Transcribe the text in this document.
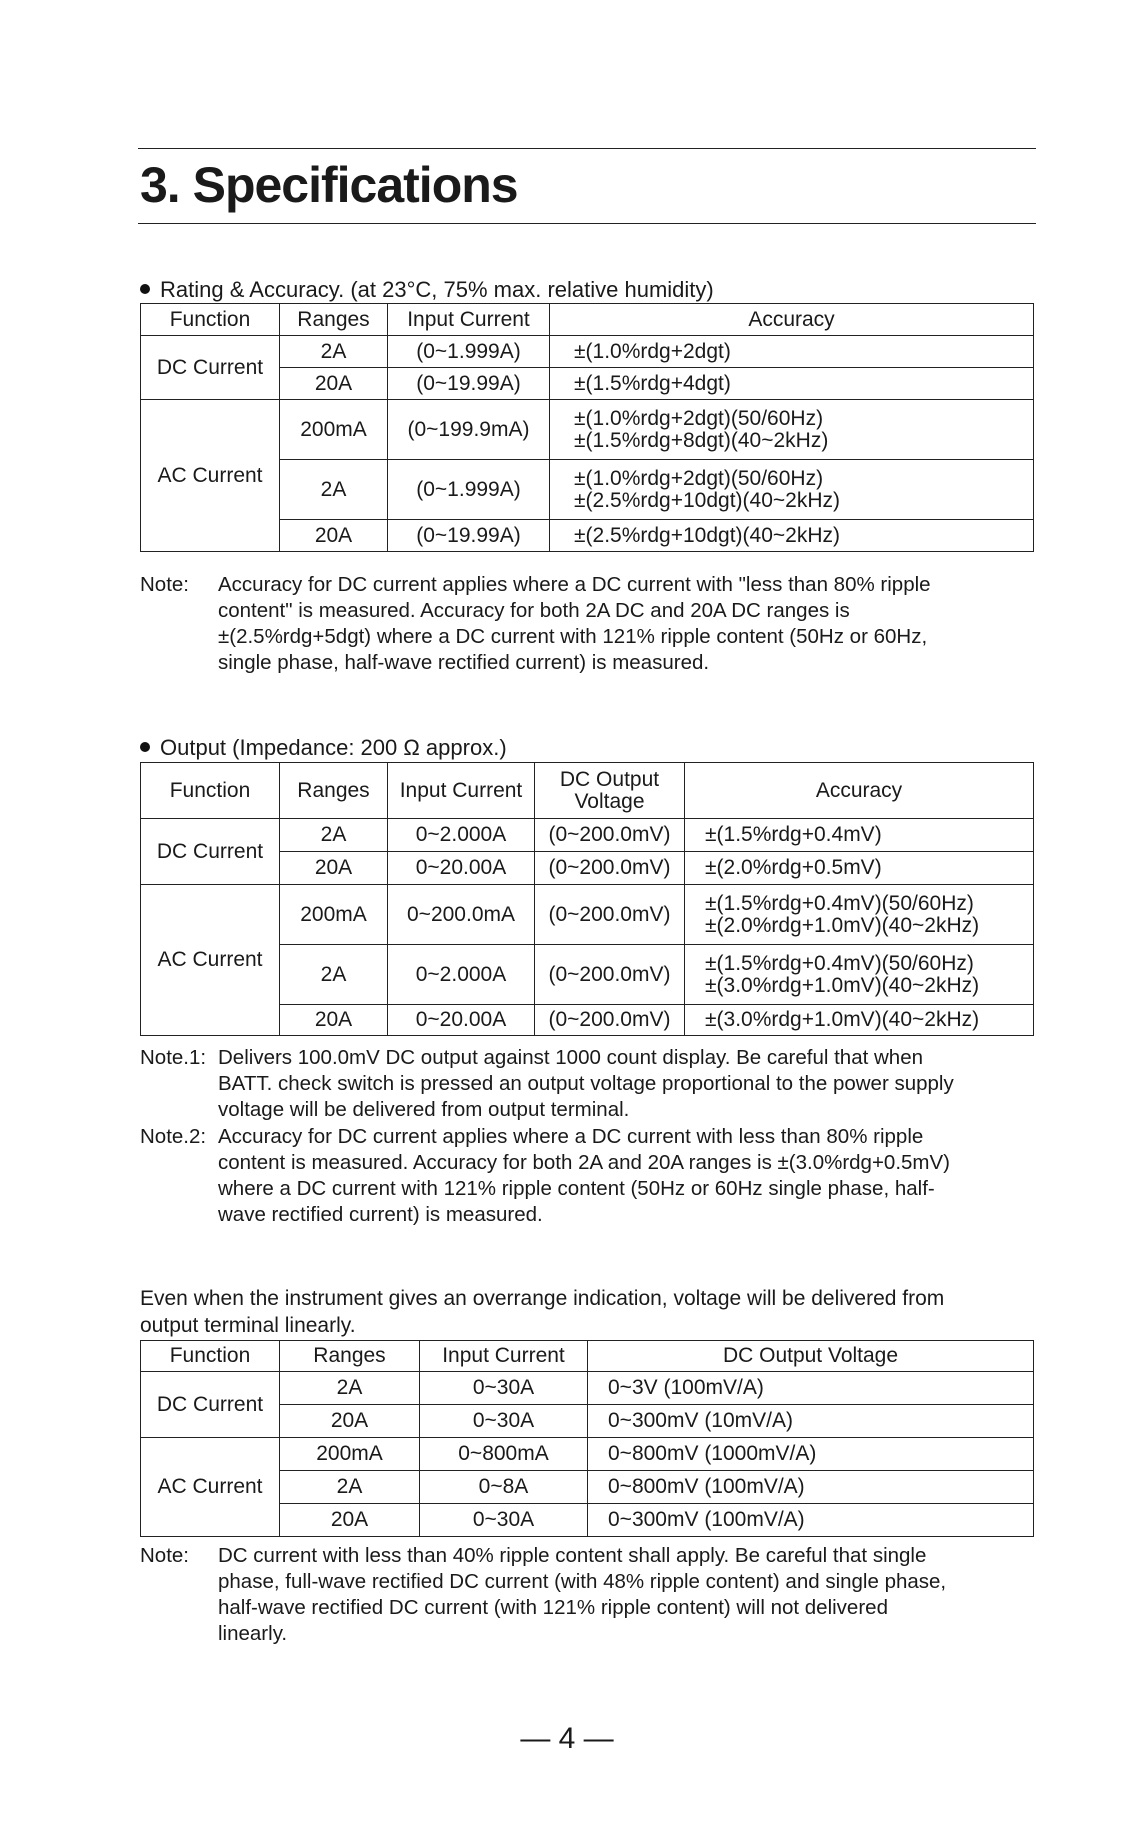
3. Specifications
Rating & Accuracy. (at 23°C, 75% max. relative humidity)
Function	Ranges	Input Current	Accuracy
DC Current	2A	(0~1.999A)	±(1.0%rdg+2dgt)
	20A	(0~19.99A)	±(1.5%rdg+4dgt)
AC Current	200mA	(0~199.9mA)	±(1.0%rdg+2dgt)(50/60Hz)
±(1.5%rdg+8dgt)(40~2kHz)

	2A	(0~1.999A)	±(1.0%rdg+2dgt)(50/60Hz)
±(2.5%rdg+10dgt)(40~2kHz)

	20A	(0~19.99A)	±(2.5%rdg+10dgt)(40~2kHz)
Note: Accuracy for DC current applies where a DC current with "less than 80% ripple
content" is measured. Accuracy for both 2A DC and 20A DC ranges is
±(2.5%rdg+5dgt) where a DC current with 121% ripple content (50Hz or 60Hz,
single phase, half-wave rectified current) is measured.
Output (Impedance: 200 Ω approx.)
Function	Ranges	Input Current	DC Output Voltage	Accuracy
DC Current	2A	0~2.000A	(0~200.0mV)	±(1.5%rdg+0.4mV)
	20A	0~20.00A	(0~200.0mV)	±(2.0%rdg+0.5mV)
AC Current	200mA	0~200.0mA	(0~200.0mV)	±(1.5%rdg+0.4mV)(50/60Hz)
±(2.0%rdg+1.0mV)(40~2kHz)

	2A	0~2.000A	(0~200.0mV)	±(1.5%rdg+0.4mV)(50/60Hz)
±(3.0%rdg+1.0mV)(40~2kHz)

	20A	0~20.00A	(0~200.0mV)	±(3.0%rdg+1.0mV)(40~2kHz)
Note.1: Delivers 100.0mV DC output against 1000 count display. Be careful that when
BATT. check switch is pressed an output voltage proportional to the power supply
voltage will be delivered from output terminal.
Note.2: Accuracy for DC current applies where a DC current with less than 80% ripple
content is measured. Accuracy for both 2A and 20A ranges is ±(3.0%rdg+0.5mV)
where a DC current with 121% ripple content (50Hz or 60Hz single phase, half-
wave rectified current) is measured.
Even when the instrument gives an overrange indication, voltage will be delivered from
output terminal linearly.
Function	Ranges	Input Current	DC Output Voltage
DC Current	2A	0~30A	0~3V (100mV/A)
	20A	0~30A	0~300mV (10mV/A)
AC Current	200mA	0~800mA	0~800mV (1000mV/A)
	2A	0~8A	0~800mV (100mV/A)
	20A	0~30A	0~300mV (100mV/A)
Note: DC current with less than 40% ripple content shall apply. Be careful that single
phase, full-wave rectified DC current (with 48% ripple content) and single phase,
half-wave rectified DC current (with 121% ripple content) will not delivered
linearly.
— 4 —
